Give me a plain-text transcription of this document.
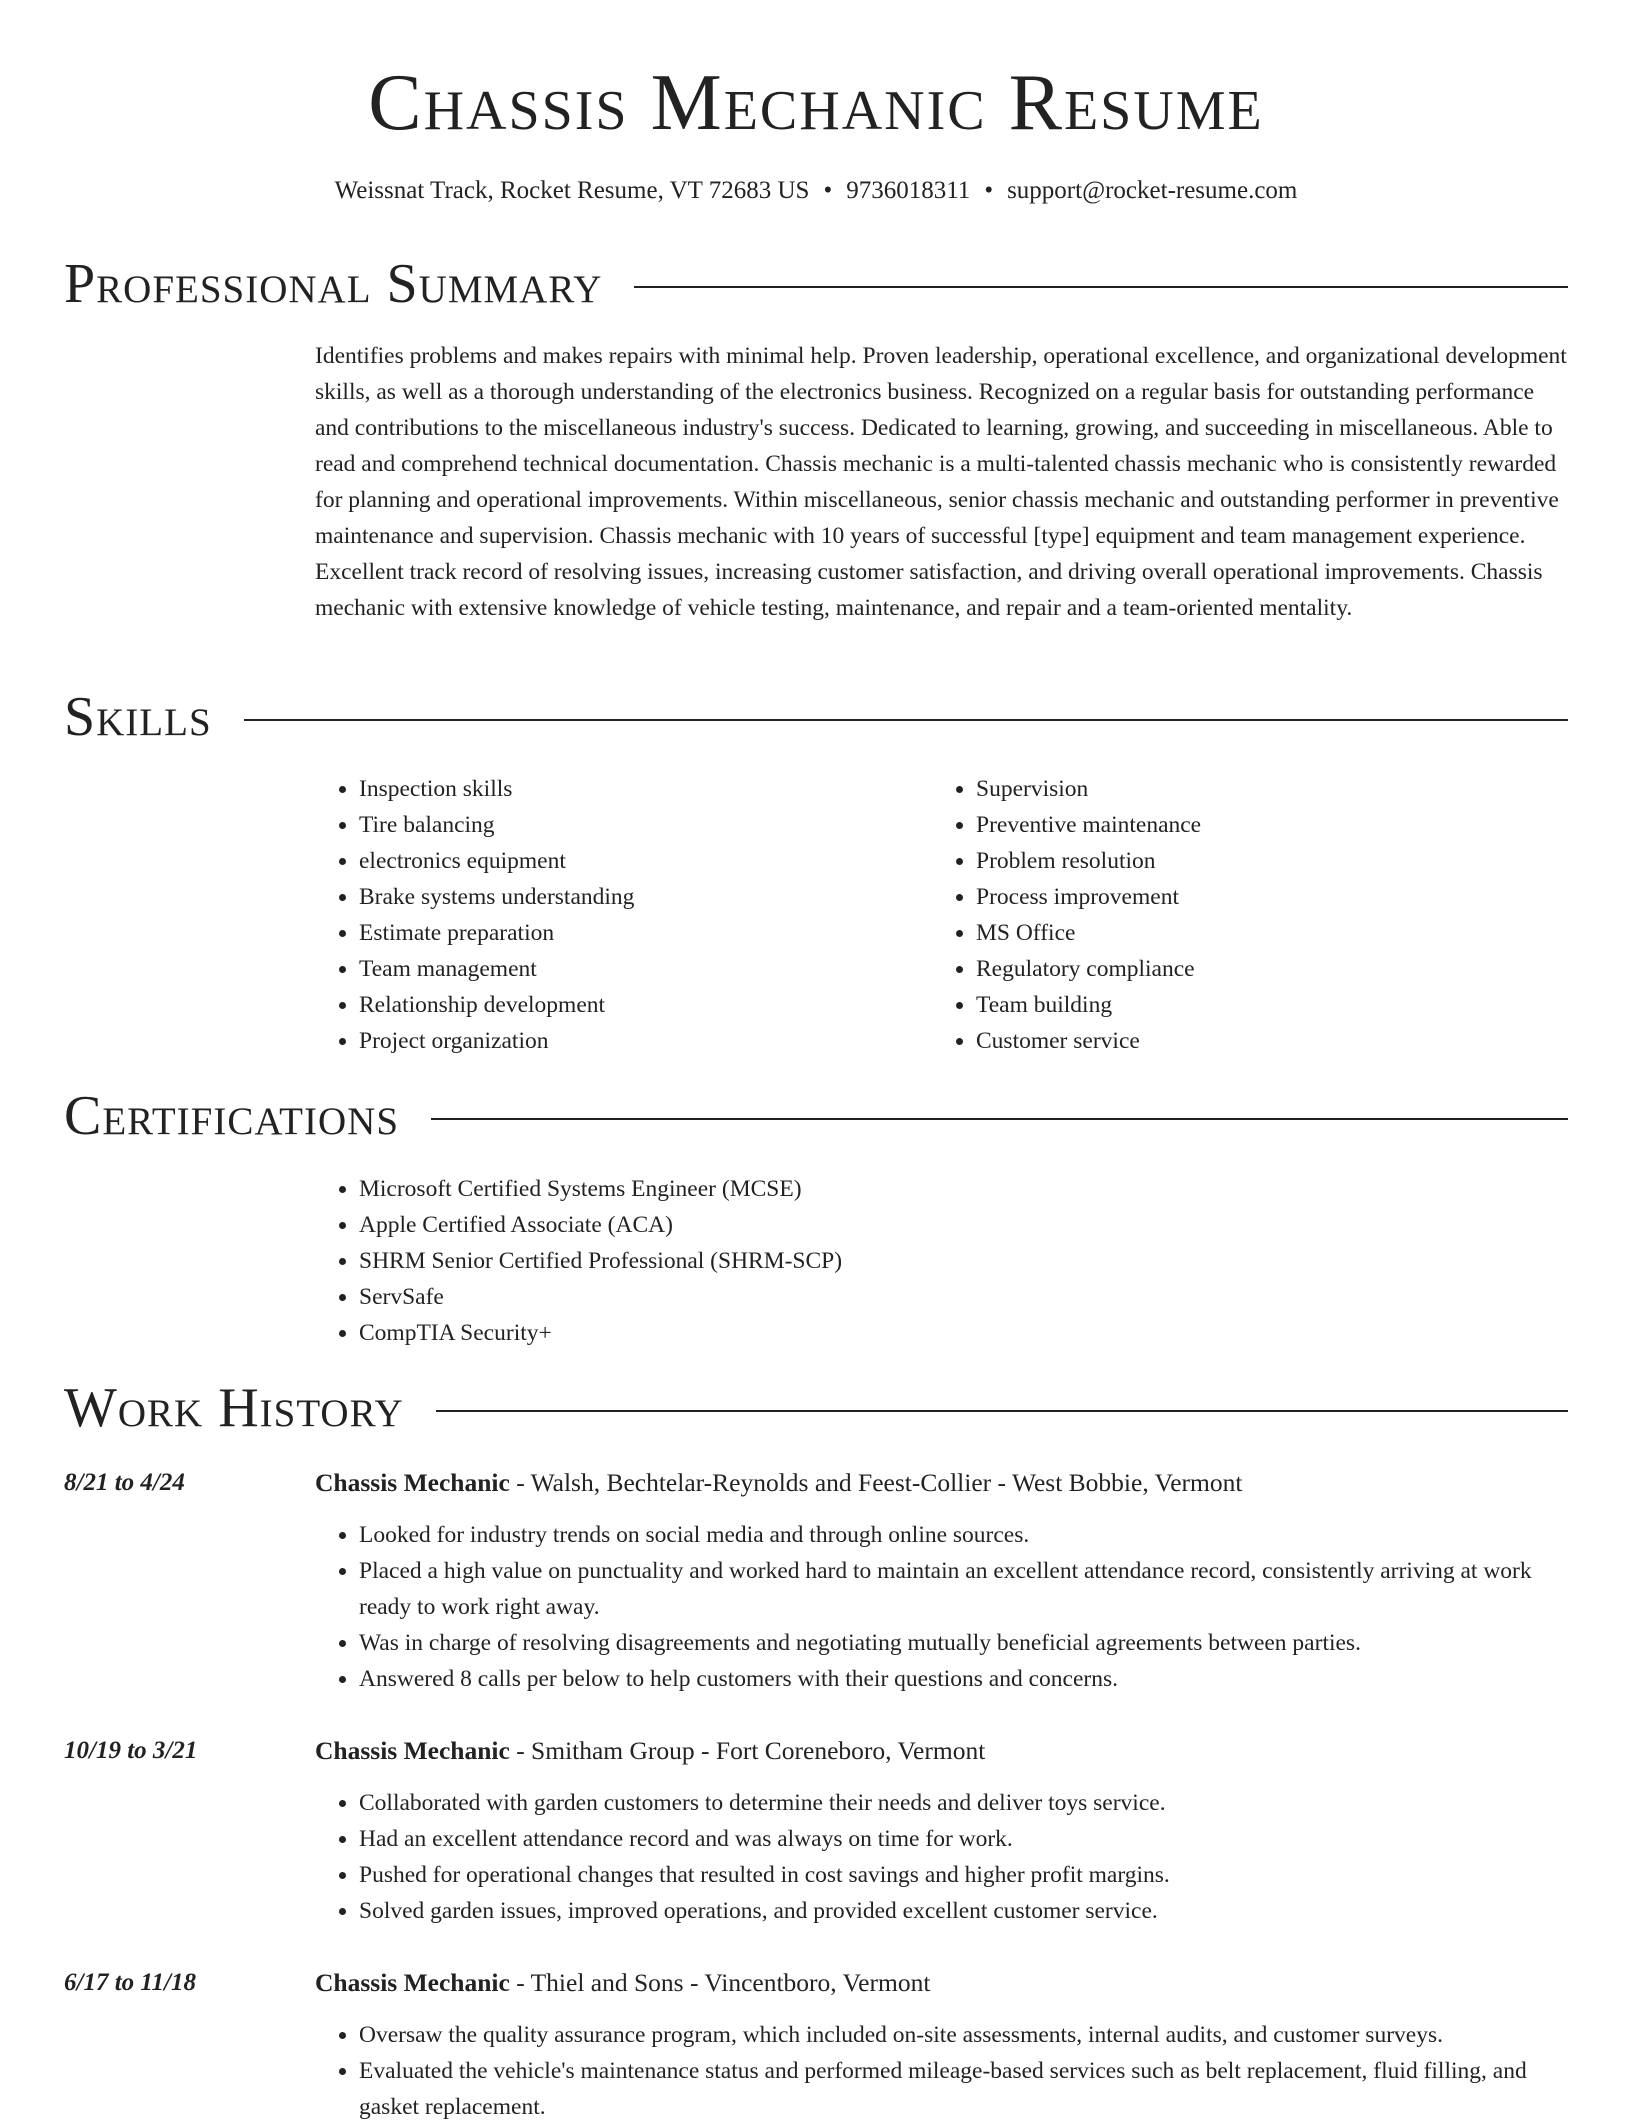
Chassis Mechanic Resume
Weissnat Track, Rocket Resume, VT 72683 US • 9736018311 • support@rocket-resume.com
Professional Summary
Identifies problems and makes repairs with minimal help. Proven leadership, operational excellence, and organizational development skills, as well as a thorough understanding of the electronics business. Recognized on a regular basis for outstanding performance and contributions to the miscellaneous industry's success. Dedicated to learning, growing, and succeeding in miscellaneous. Able to read and comprehend technical documentation. Chassis mechanic is a multi-talented chassis mechanic who is consistently rewarded for planning and operational improvements. Within miscellaneous, senior chassis mechanic and outstanding performer in preventive maintenance and supervision. Chassis mechanic with 10 years of successful [type] equipment and team management experience. Excellent track record of resolving issues, increasing customer satisfaction, and driving overall operational improvements. Chassis mechanic with extensive knowledge of vehicle testing, maintenance, and repair and a team-oriented mentality.
Skills
• Inspection skills
• Tire balancing
• electronics equipment
• Brake systems understanding
• Estimate preparation
• Team management
• Relationship development
• Project organization
• Supervision
• Preventive maintenance
• Problem resolution
• Process improvement
• MS Office
• Regulatory compliance
• Team building
• Customer service
Certifications
• Microsoft Certified Systems Engineer (MCSE)
• Apple Certified Associate (ACA)
• SHRM Senior Certified Professional (SHRM-SCP)
• ServSafe
• CompTIA Security+
Work History
8/21 to 4/24	Chassis Mechanic - Walsh, Bechtelar-Reynolds and Feest-Collier - West Bobbie, Vermont
• Looked for industry trends on social media and through online sources.
• Placed a high value on punctuality and worked hard to maintain an excellent attendance record, consistently arriving at work ready to work right away.
• Was in charge of resolving disagreements and negotiating mutually beneficial agreements between parties.
• Answered 8 calls per below to help customers with their questions and concerns.
10/19 to 3/21	Chassis Mechanic - Smitham Group - Fort Coreneboro, Vermont
• Collaborated with garden customers to determine their needs and deliver toys service.
• Had an excellent attendance record and was always on time for work.
• Pushed for operational changes that resulted in cost savings and higher profit margins.
• Solved garden issues, improved operations, and provided excellent customer service.
6/17 to 11/18	Chassis Mechanic - Thiel and Sons - Vincentboro, Vermont
• Oversaw the quality assurance program, which included on-site assessments, internal audits, and customer surveys.
• Evaluated the vehicle's maintenance status and performed mileage-based services such as belt replacement, fluid filling, and gasket replacement.
